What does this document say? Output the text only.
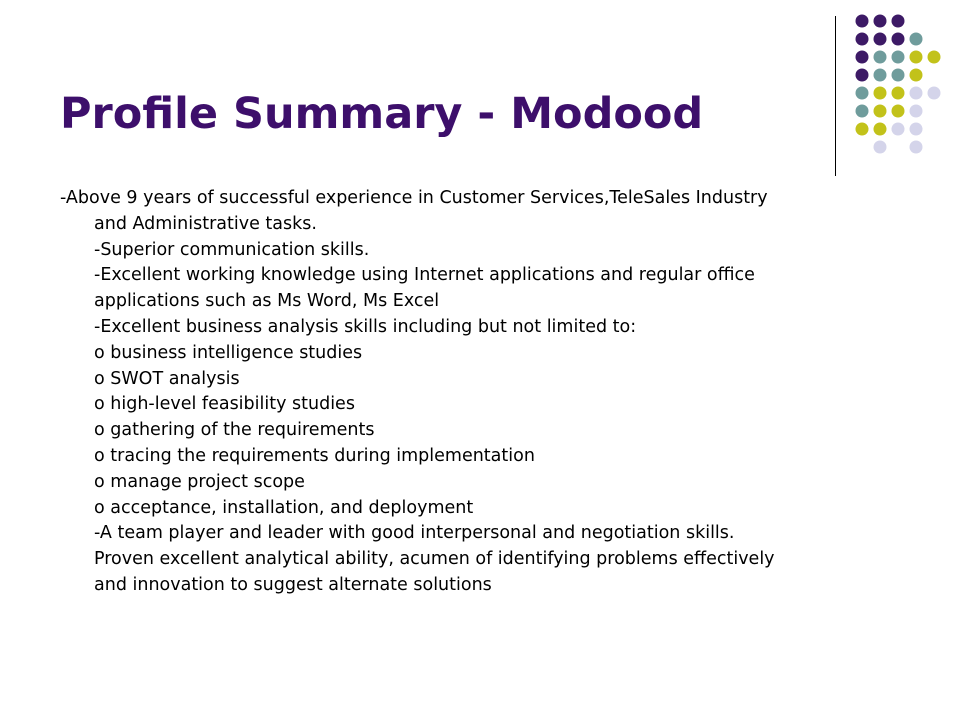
Profile Summary - Modood
-Above 9 years of successful experience in Customer Services,TeleSales Industry
and Administrative tasks.
-Superior communication skills.
-Excellent working knowledge using Internet applications and regular office
applications such as Ms Word, Ms Excel
-Excellent business analysis skills including but not limited to:
o business intelligence studies
o SWOT analysis
o high-level feasibility studies
o gathering of the requirements
o tracing the requirements during implementation
o manage project scope
o acceptance, installation, and deployment
-A team player and leader with good interpersonal and negotiation skills.
Proven excellent analytical ability, acumen of identifying problems effectively
and innovation to suggest alternate solutions
